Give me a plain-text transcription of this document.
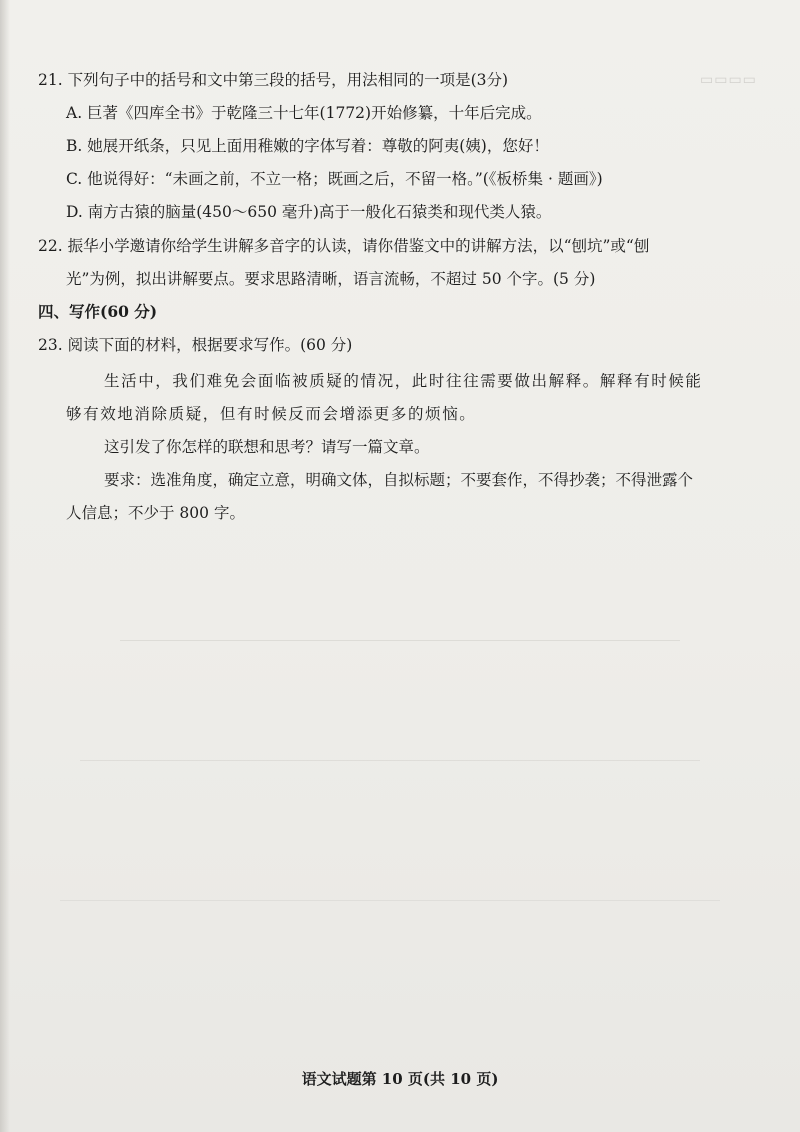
▭▭▭▭
21. 下列句子中的括号和文中第三段的括号，用法相同的一项是(3分)
A. 巨著《四库全书》于乾隆三十七年(1772)开始修纂，十年后完成。
B. 她展开纸条，只见上面用稚嫩的字体写着：尊敬的阿夷(姨)，您好！
C. 他说得好：“未画之前，不立一格；既画之后，不留一格。”(《板桥集 · 题画》)
D. 南方古猿的脑量(450～650 毫升)高于一般化石猿类和现代类人猿。
22. 振华小学邀请你给学生讲解多音字的认读，请你借鉴文中的讲解方法，以“刨坑”或“刨
光”为例，拟出讲解要点。要求思路清晰，语言流畅，不超过 50 个字。(5 分)
四、写作(60 分)
23. 阅读下面的材料，根据要求写作。(60 分)
生活中，我们难免会面临被质疑的情况，此时往往需要做出解释。解释有时候能
够有效地消除质疑，但有时候反而会增添更多的烦恼。
这引发了你怎样的联想和思考？请写一篇文章。
要求：选准角度，确定立意，明确文体，自拟标题；不要套作，不得抄袭；不得泄露个
人信息；不少于 800 字。
语文试题第 10 页(共 10 页)
